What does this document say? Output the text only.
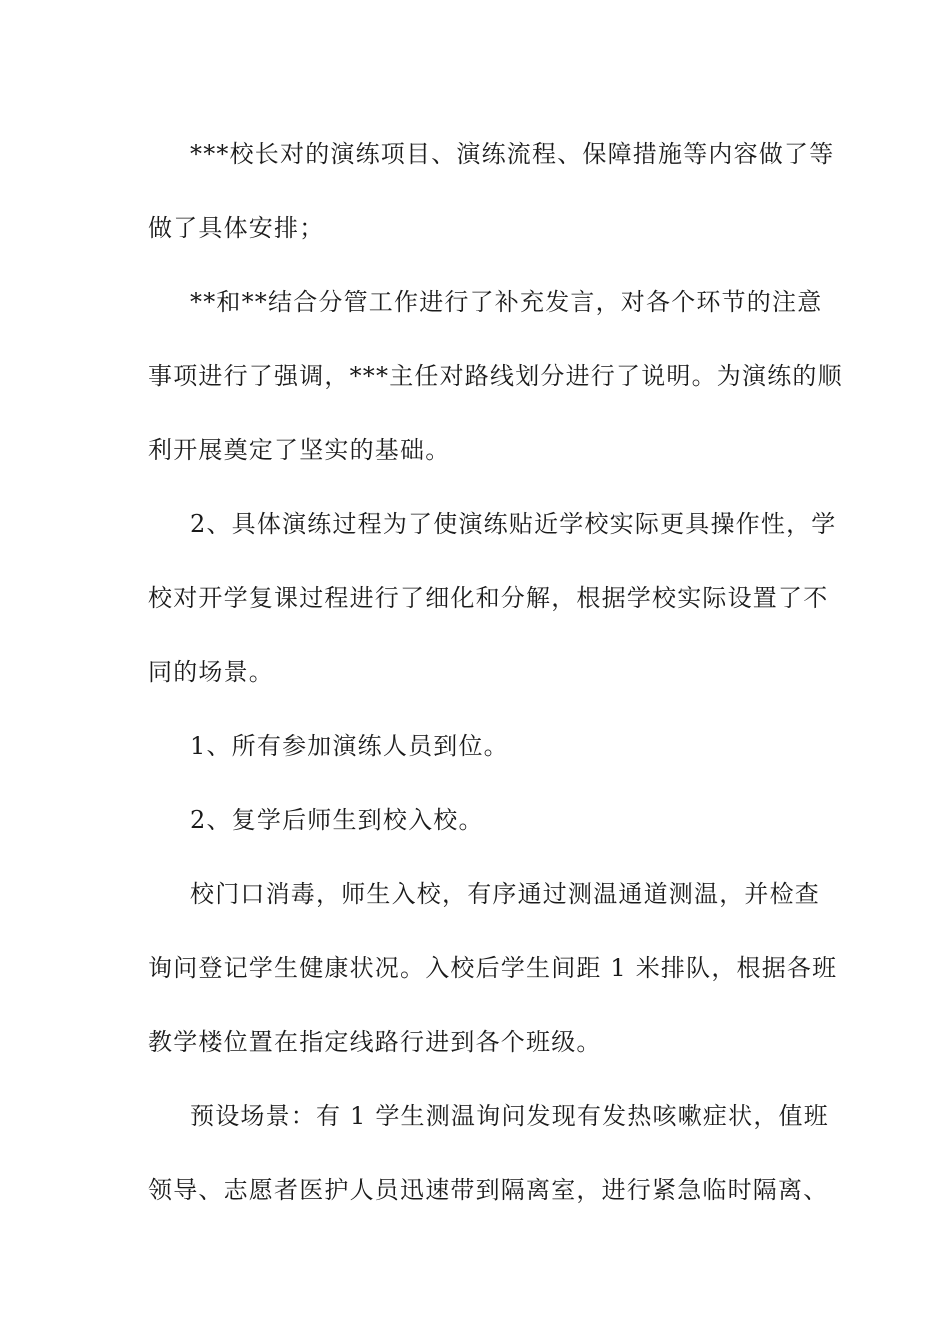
***校长对的演练项目、演练流程、保障措施等内容做了等

做了具体安排；

**和**结合分管工作进行了补充发言，对各个环节的注意

事项进行了强调，***主任对路线划分进行了说明。为演练的顺

利开展奠定了坚实的基础。

2、具体演练过程为了使演练贴近学校实际更具操作性，学

校对开学复课过程进行了细化和分解，根据学校实际设置了不

同的场景。

1、所有参加演练人员到位。

2、复学后师生到校入校。

校门口消毒，师生入校，有序通过测温通道测温，并检查

询问登记学生健康状况。入校后学生间距 1 米排队，根据各班

教学楼位置在指定线路行进到各个班级。

预设场景：有 1 学生测温询问发现有发热咳嗽症状，值班

领导、志愿者医护人员迅速带到隔离室，进行紧急临时隔离、
